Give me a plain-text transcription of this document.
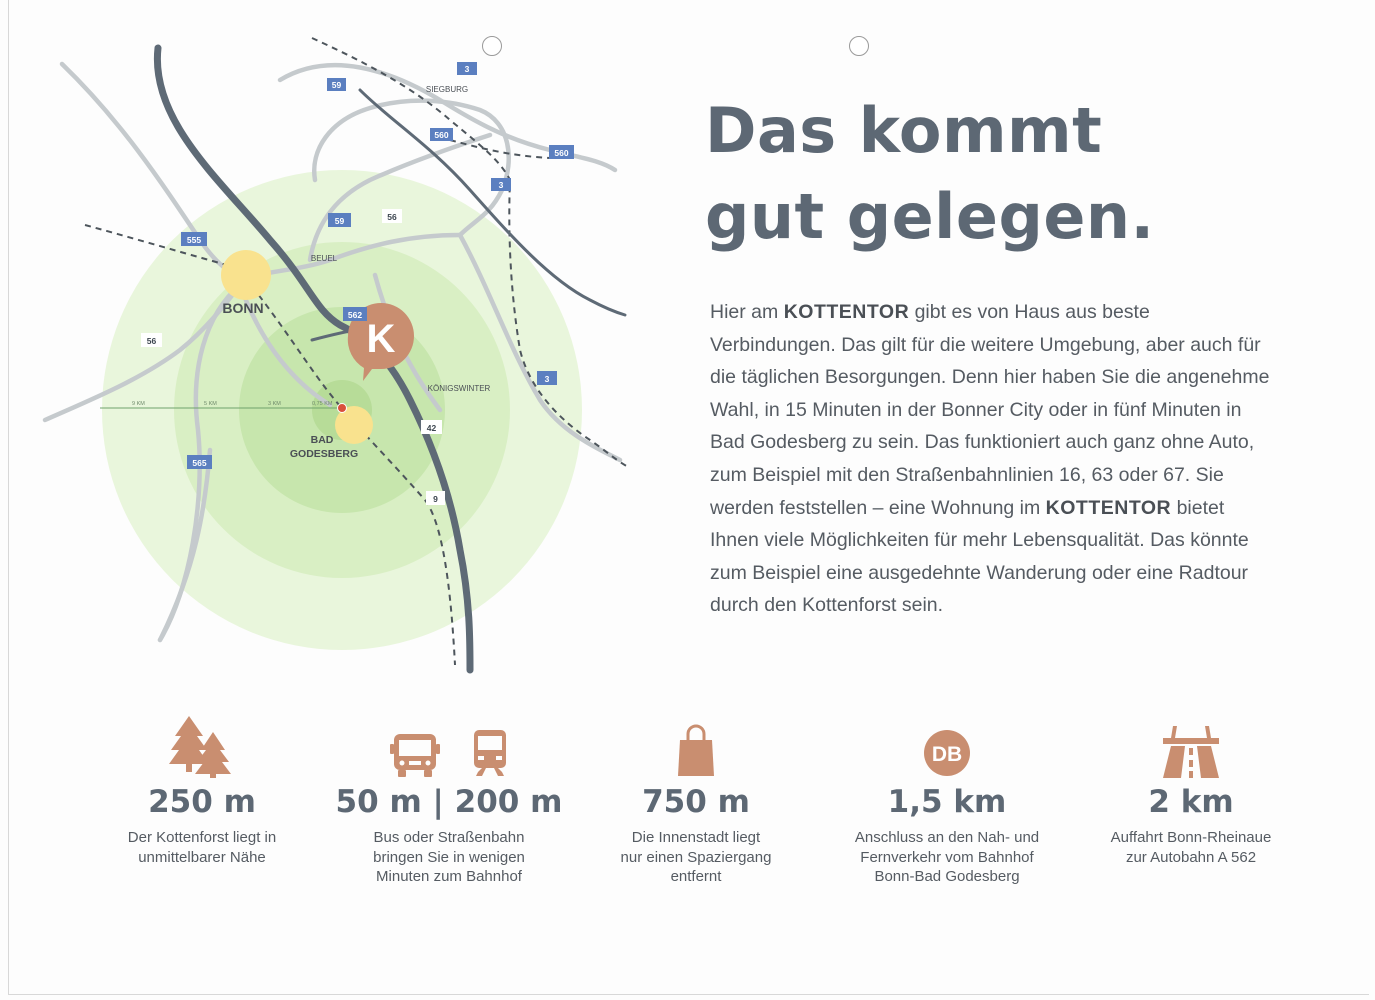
9 KM	5 KM	3 KM	0,75 KM
K
BONN
BAD
GODESBERG
BEUEL
SIEGBURG
KÖNIGSWINTER
59
3
560
560
3
59	56
555
562
56
3
42
565
9
Das kommt
gut gelegen.

Hier am KOTTENTOR gibt es von Haus aus beste Verbindungen. Das gilt für die weitere Umgebung, aber auch für die täglichen Besorgungen. Denn hier haben Sie die angenehme Wahl, in 15 Minuten in der Bonner City oder in fünf Minuten in Bad Godesberg zu sein. Das funktioniert auch ganz ohne Auto, zum Beispiel mit den Straßenbahnlinien 16, 63 oder 67. Sie werden feststellen – eine Wohnung im KOTTENTOR bietet Ihnen viele Möglichkeiten für mehr Lebensqualität. Das könnte zum Beispiel eine ausgedehnte Wanderung oder eine Radtour durch den Kottenforst sein.

250 m
Der Kottenforst liegt in
unmittelbarer Nähe
50 m | 200 m
Bus oder Straßenbahn
bringen Sie in wenigen
Minuten zum Bahnhof
750 m
Die Innenstadt liegt
nur einen Spaziergang
entfernt
DB
1,5 km
Anschluss an den Nah- und
Fernverkehr vom Bahnhof
Bonn-Bad Godesberg
2 km
Auffahrt Bonn-Rheinaue
zur Autobahn A 562
